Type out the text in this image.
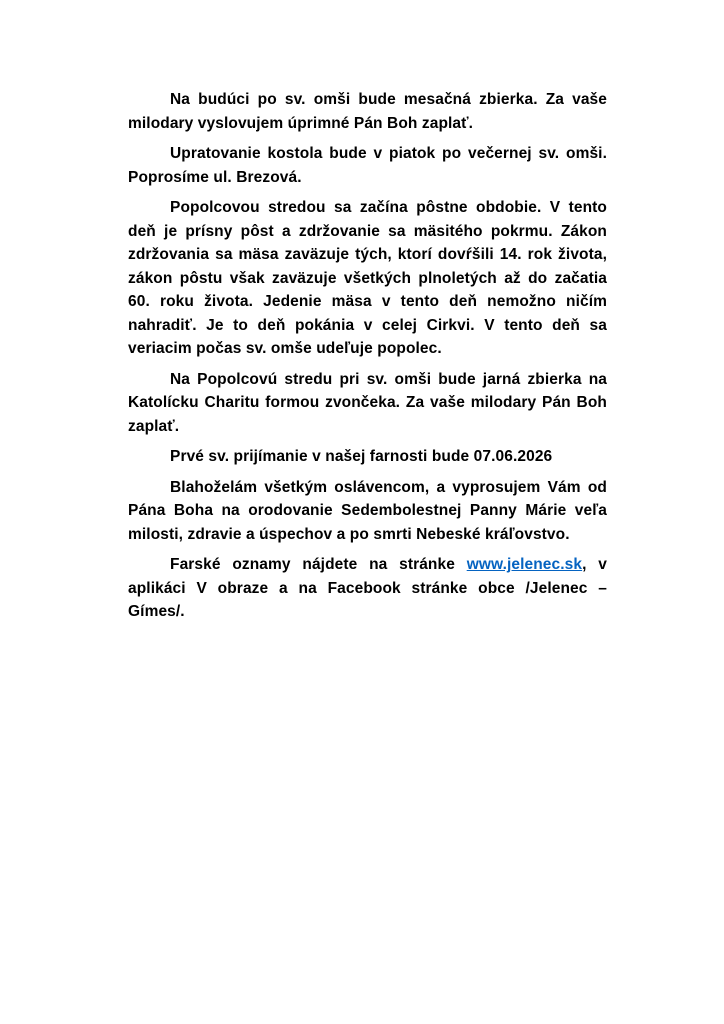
Na budúci po sv. omši bude mesačná zbierka. Za vaše milodary vyslovujem úprimné Pán Boh zaplať.

Upratovanie kostola bude v piatok po večernej sv. omši. Poprosíme ul. Brezová.

Popolcovou stredou sa začína pôstne obdobie. V tento deň je prísny pôst a zdržovanie sa mäsitého pokrmu. Zákon zdržovania sa mäsa zaväzuje tých, ktorí dovŕšili 14. rok života, zákon pôstu však zaväzuje všetkých plnoletých až do začatia 60. roku života. Jedenie mäsa v tento deň nemožno ničím nahradiť. Je to deň pokánia v celej Cirkvi. V tento deň sa veriacim počas sv. omše udeľuje popolec.

Na Popolcovú stredu pri sv. omši bude jarná zbierka na Katolícku Charitu formou zvončeka. Za vaše milodary Pán Boh zaplať.

Prvé sv. prijímanie v našej farnosti bude 07.06.2026

Blahoželám všetkým oslávencom, a vyprosujem Vám od Pána Boha na orodovanie Sedembolestnej Panny Márie veľa milosti, zdravie a úspechov a po smrti Nebeské kráľovstvo.

Farské oznamy nájdete na stránke www.jelenec.sk, v aplikáci V obraze a na Facebook stránke obce /Jelenec – Gímes/.
